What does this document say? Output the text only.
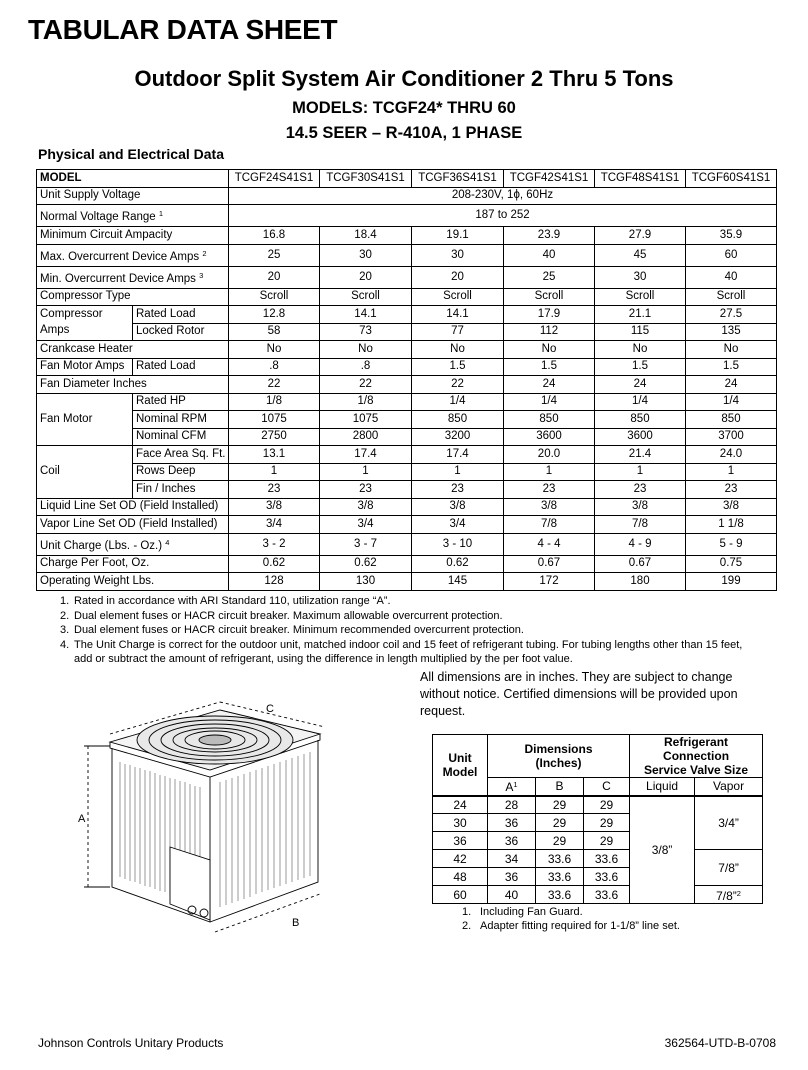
TABULAR DATA SHEET
Outdoor Split System Air Conditioner 2 Thru 5 Tons
MODELS: TCGF24* THRU 60
14.5 SEER – R-410A, 1 PHASE
Physical and Electrical Data
MODEL		TCGF24S41S1	TCGF30S41S1	TCGF36S41S1	TCGF42S41S1	TCGF48S41S1	TCGF60S41S1
Unit Supply Voltage		208-230V, 1ϕ, 60Hz					
Normal Voltage Range $^1$		187 to 252					
Minimum Circuit Ampacity		16.8	18.4	19.1	23.9	27.9	35.9
Max. Overcurrent Device Amps $^2$		25	30	30	40	45	60
Min. Overcurrent Device Amps $^3$		20	20	20	25	30	40
Compressor Type		Scroll	Scroll	Scroll	Scroll	Scroll	Scroll
Compressor Amps	Rated Load	12.8	14.1	14.1	17.9	21.1	27.5
	Locked Rotor	58	73	77	112	115	135
Crankcase Heater		No	No	No	No	No	No
Fan Motor Amps	Rated Load	.8	.8	1.5	1.5	1.5	1.5
Fan Diameter Inches		22	22	22	24	24	24
Fan Motor	Rated HP	1/8	1/8	1/4	1/4	1/4	1/4
	Nominal RPM	1075	1075	850	850	850	850
	Nominal CFM	2750	2800	3200	3600	3600	3700
Coil	Face Area Sq. Ft.	13.1	17.4	17.4	20.0	21.4	24.0
	Rows Deep	1	1	1	1	1	1
	Fin / Inches	23	23	23	23	23	23
Liquid Line Set OD (Field Installed)		3/8	3/8	3/8	3/8	3/8	3/8
Vapor Line Set OD (Field Installed)		3/4	3/4	3/4	7/8	7/8	1 1/8
Unit Charge (Lbs. - Oz.) $^4$		3 - 2	3 - 7	3 - 10	4 - 4	4 - 9	5 - 9
Charge Per Foot, Oz.		0.62	0.62	0.62	0.67	0.67	0.75
Operating Weight Lbs.		128	130	145	172	180	199
1. Rated in accordance with ARI Standard 110, utilization range “A”.
2. Dual element fuses or HACR circuit breaker. Maximum allowable overcurrent protection.
3. Dual element fuses or HACR circuit breaker. Minimum recommended overcurrent protection.
4. The Unit Charge is correct for the outdoor unit, matched indoor coil and 15 feet of refrigerant tubing. For tubing lengths other than 15 feet, add or subtract the amount of refrigerant, using the difference in length multiplied by the per foot value.
All dimensions are in inches. They are subject to change without notice. Certified dimensions will be provided upon request.
A
C
B
Unit
Model	Dimensions
(Inches)			Refrigerant Connection
Service Valve Size	
	$A^1$	B	C	Liquid	Vapor
24	28	29	29	3/8”	3/4”
30	36	29	29		
36	36	29	29		
42	34	33.6	33.6		7/8”
48	36	33.6	33.6		
60	40	33.6	33.6		7/8”$^2$
1. Including Fan Guard.
2. Adapter fitting required for 1-1/8” line set.
Johnson Controls Unitary Products	362564-UTD-B-0708
